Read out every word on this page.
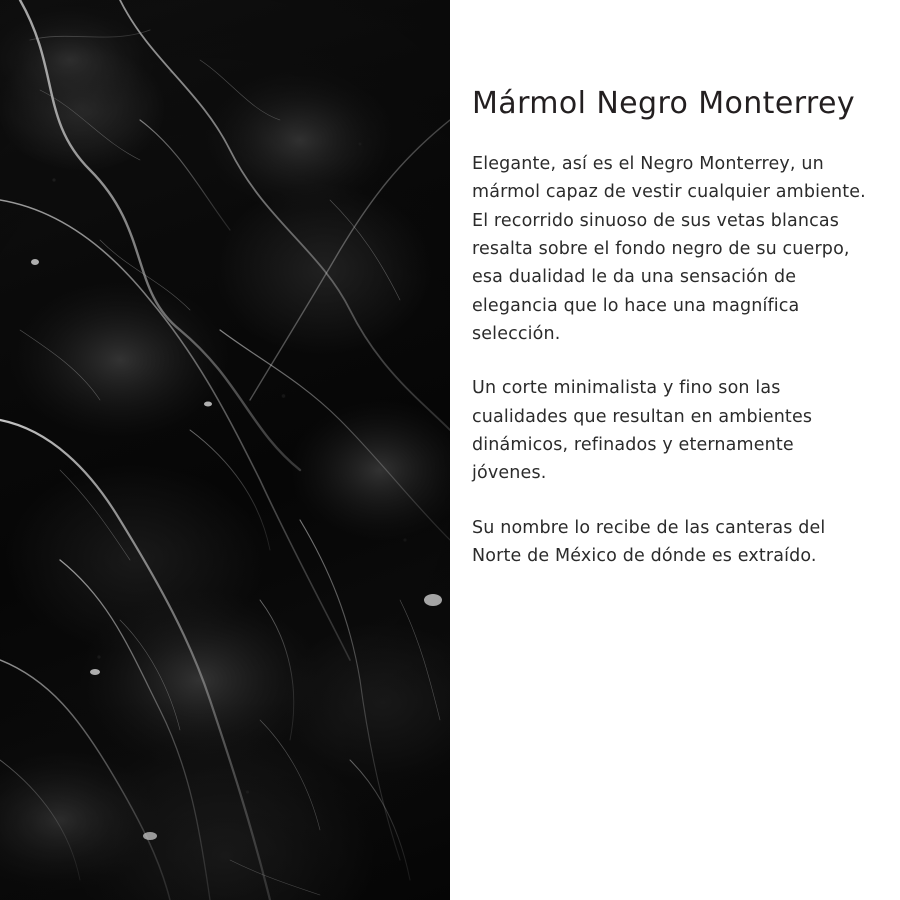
Mármol Negro Monterrey

Elegante, así es el Negro Monterrey, un mármol capaz de vestir cualquier ambiente. El recorrido sinuoso de sus vetas blancas resalta sobre el fondo negro de su cuerpo, esa dualidad le da una sensación de elegancia que lo hace una magnífica selección.

Un corte minimalista y fino son las cualidades que resultan en ambientes dinámicos, refinados y eternamente jóvenes.

Su nombre lo recibe de las canteras del Norte de México de dónde es extraído.
